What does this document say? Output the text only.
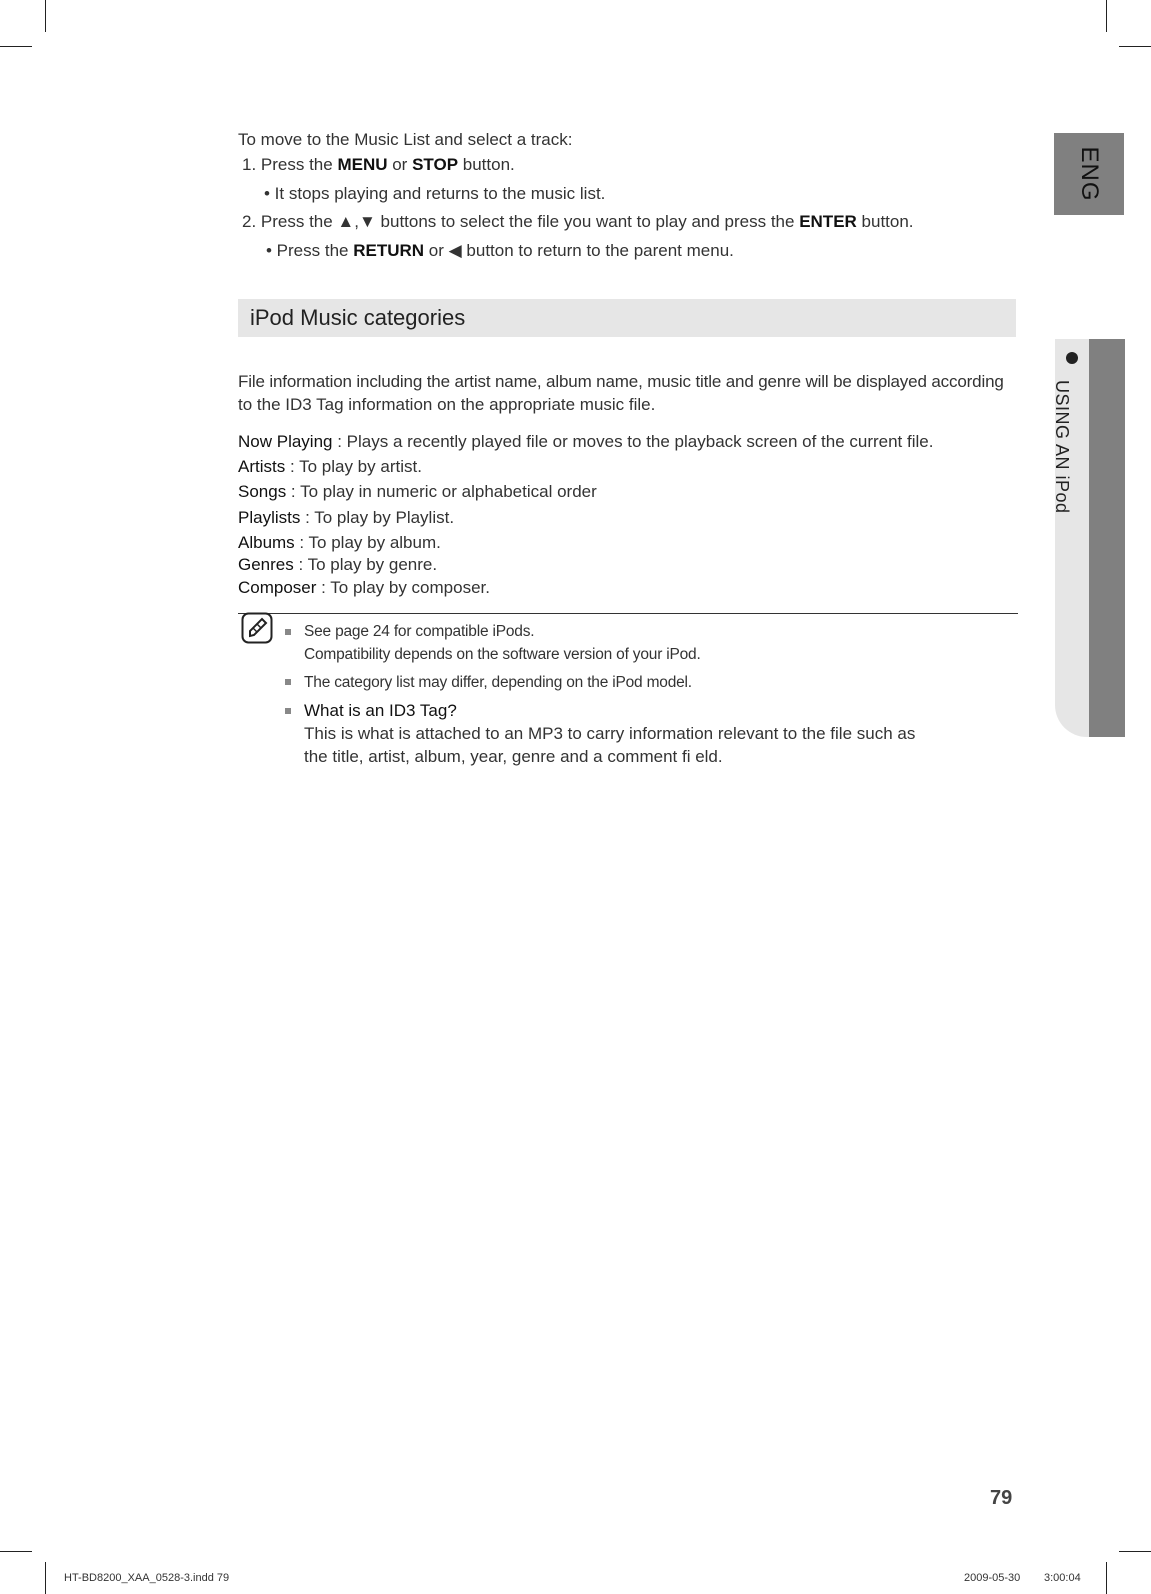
To move to the Music List and select a track:
1. Press the MENU or STOP button.
• It stops playing and returns to the music list.
2. Press the ▲,▼ buttons to select the file you want to play and press the ENTER button.
• Press the RETURN or ◀ button to return to the parent menu.
iPod Music categories
File information including the artist name, album name, music title and genre will be displayed according
to the ID3 Tag information on the appropriate music file.
Now Playing : Plays a recently played file or moves to the playback screen of the current file.
Artists : To play by artist.
Songs : To play in numeric or alphabetical order
Playlists : To play by Playlist.
Albums : To play by album.
Genres : To play by genre.
Composer : To play by composer.
See page 24 for compatible iPods.
Compatibility depends on the software version of your iPod.
The category list may differ, depending on the iPod model.
What is an ID3 Tag?
This is what is attached to an MP3 to carry information relevant to the file such as
the title, artist, album, year, genre and a comment fi eld.
ENG
USING AN iPod
79
HT-BD8200_XAA_0528-3.indd 79	2009-05-30 3:00:04
